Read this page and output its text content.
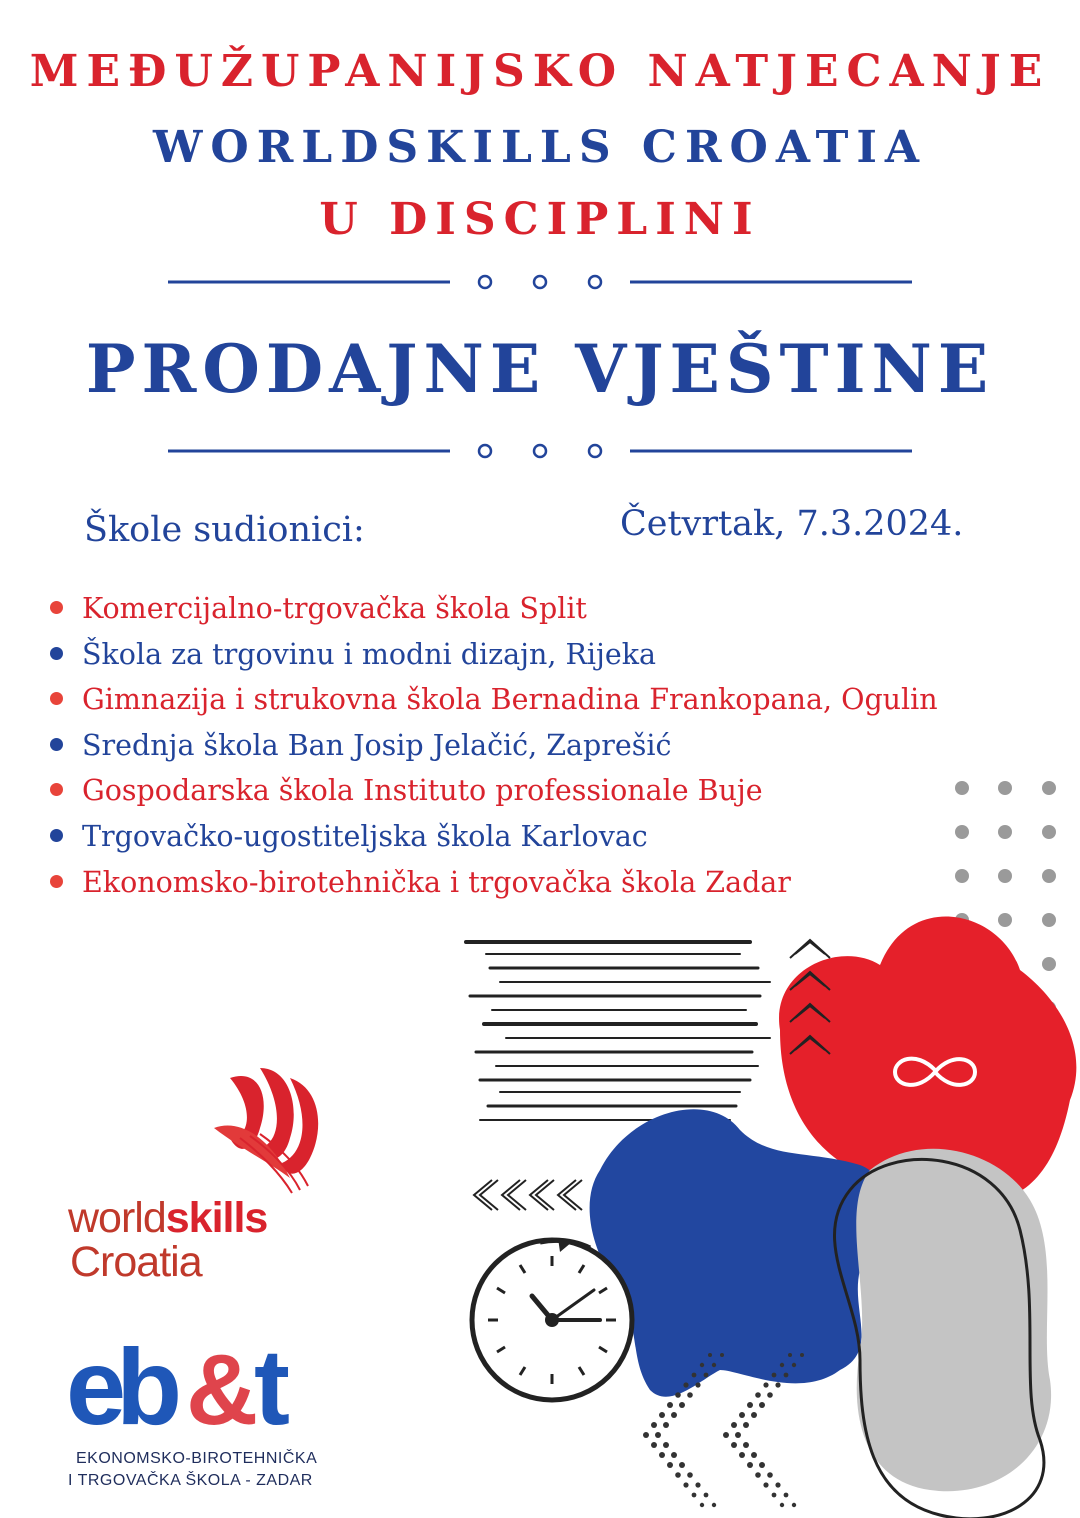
MEĐUŽUPANIJSKO NATJECANJE
WORLDSKILLS CROATIA
U DISCIPLINI
PRODAJNE VJEŠTINE
Škole sudionici:	Četvrtak, 7.3.2024.
Komercijalno-trgovačka škola Split
Škola za trgovinu i modni dizajn, Rijeka
Gimnazija i strukovna škola Bernadina Frankopana, Ogulin
Srednja škola Ban Josip Jelačić, Zaprešić
Gospodarska škola Instituto professionale Buje
Trgovačko-ugostiteljska škola Karlovac
Ekonomsko-birotehnička i trgovačka škola Zadar
worldskills
Croatia
eb &
t
EKONOMSKO-BIROTEHNIČKA
I TRGOVAČKA ŠKOLA - ZADAR
